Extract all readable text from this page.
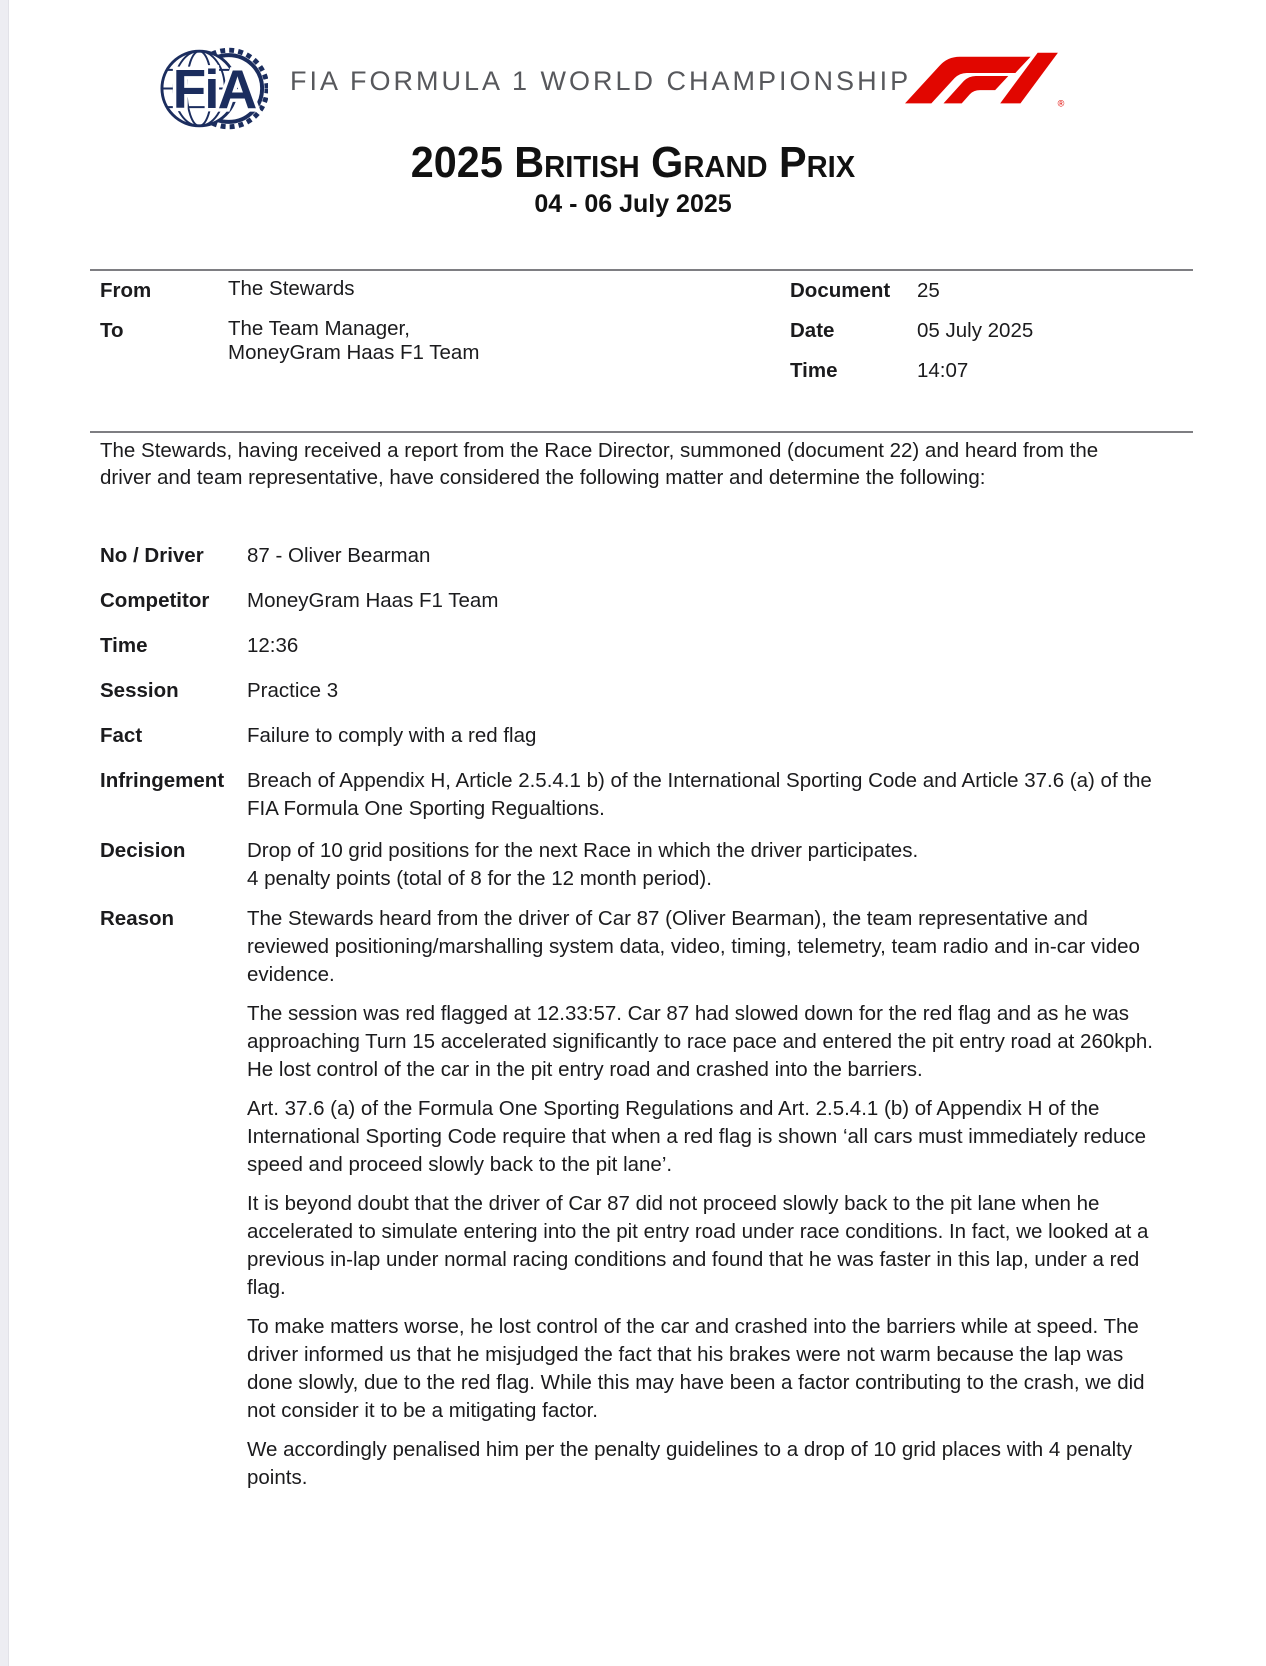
FiA FIA FORMULA 1 WORLD CHAMPIONSHIP
®
2025 British Grand Prix
04 - 06 July 2025
From	The Stewards
To	The Team Manager,
MoneyGram Haas F1 Team
Document	25
Date	05 July 2025
Time	14:07
The Stewards, having received a report from the Race Director, summoned (document 22) and heard from the driver and team representative, have considered the following matter and determine the following:
No / Driver	87 - Oliver Bearman
Competitor	MoneyGram Haas F1 Team
Time	12:36
Session	Practice 3
Fact	Failure to comply with a red flag
Infringement	Breach of Appendix H, Article 2.5.4.1 b) of the International Sporting Code and Article 37.6 (a) of the FIA Formula One Sporting Regualtions.
Decision	Drop of 10 grid positions for the next Race in which the driver participates.
4 penalty points (total of 8 for the 12 month period).
Reason	The Stewards heard from the driver of Car 87 (Oliver Bearman), the team representative and reviewed positioning/marshalling system data, video, timing, telemetry, team radio and in-car video evidence.

The session was red flagged at 12.33:57. Car 87 had slowed down for the red flag and as he was approaching Turn 15 accelerated significantly to race pace and entered the pit entry road at 260kph. He lost control of the car in the pit entry road and crashed into the barriers.

Art. 37.6 (a) of the Formula One Sporting Regulations and Art. 2.5.4.1 (b) of Appendix H of the International Sporting Code require that when a red flag is shown ‘all cars must immediately reduce speed and proceed slowly back to the pit lane’.

It is beyond doubt that the driver of Car 87 did not proceed slowly back to the pit lane when he accelerated to simulate entering into the pit entry road under race conditions. In fact, we looked at a previous in-lap under normal racing conditions and found that he was faster in this lap, under a red flag.

To make matters worse, he lost control of the car and crashed into the barriers while at speed. The driver informed us that he misjudged the fact that his brakes were not warm because the lap was done slowly, due to the red flag. While this may have been a factor contributing to the crash, we did not consider it to be a mitigating factor.

We accordingly penalised him per the penalty guidelines to a drop of 10 grid places with 4 penalty points.
